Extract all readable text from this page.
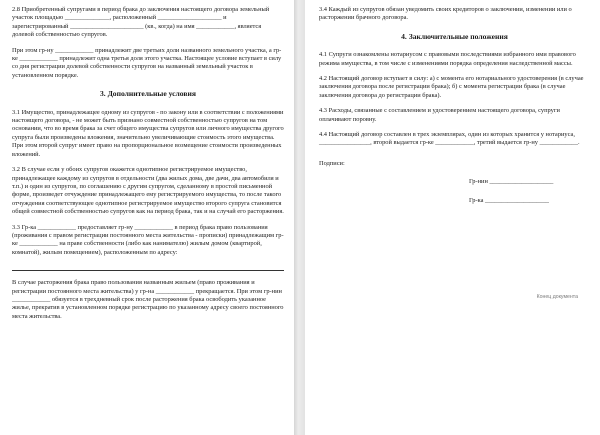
2.8 Приобретенный супругами в период брака до заключения настоящего договора земельный участок площадью ______________, расположенный ____________________ и зарегистрированный _______________________ (кв., когда) на имя ____________, является долевой собственностью супругов.

При этом гр-ну ____________ принадлежит две третьих доли названного земельного участка, а гр-ке ____________ принадлежит одна третья доля этого участка. Настоящее условие вступает в силу со дня регистрации долевой собственности супругов на названный земельный участок в установленном порядке.

3. Дополнительные условия

3.1 Имущество, принадлежащее одному из супругов - по закону или в соответствии с положениями настоящего договора, - не может быть признано совместной собственностью супругов на том основании, что во время брака за счет общего имущества супругов или личного имущества другого супруга были произведены вложения, значительно увеличивающие стоимость этого имущества. При этом второй супруг имеет право на пропорциональное возмещение стоимости произведенных вложений.

3.2 В случае если у обоих супругов окажется однотипное регистрируемое имущество, принадлежащее каждому из супругов в отдельности (два жилых дома, две дачи, два автомобиля и т.п.) и один из супругов, по соглашению с другим супругом, сделанному в простой письменной форме, произведет отчуждение принадлежащего ему регистрируемого имущества, то после такого отчуждения соответствующее однотипное регистрируемое имущество второго супруга становится общей совместной собственностью супругов как на период брака, так и на случай его расторжения.

3.3 Гр-ка ____________ предоставляет гр-ну ____________ в период брака право пользования (проживания с правом регистрации постоянного места жительства - прописки) принадлежащим гр-ке ____________ на праве собственности (либо как нанимателю) жилым домом (квартирой, комнатой), жилым помещением), расположенным по адресу:

В случае расторжения брака право пользования названным жильем (право проживания и регистрации постоянного места жительства) у гр-на ____________ прекращается. При этом гр-нин ____________ обязуется в трехдневный срок после расторжения брака освободить указанное жилье, прекратив в установленном порядке регистрацию по указанному адресу своего постоянного места жительства.

3.4 Каждый из супругов обязан уведомить своих кредиторов о заключении, изменении или о расторжении брачного договора.

4. Заключительные положения

4.1 Супруги ознакомлены нотариусом с правовыми последствиями избранного ими правового режима имущества, в том числе с изменениями порядка определения наследственной массы.

4.2 Настоящий договор вступает в силу: а) с момента его нотариального удостоверения (в случае заключения договора после регистрации брака); б) с момента регистрации брака (в случае заключения договора до регистрации брака).

4.3 Расходы, связанные с составлением и удостоверением настоящего договора, супруги оплачивают поровну.

4.4 Настоящий договор составлен в трех экземплярах, один из которых хранится у нотариуса, ________________, второй выдается гр-ке ____________, третий выдается гр-ну ____________.

Подписи:
Гр-нин ____________________
Гр-ка ____________________
Конец документа
